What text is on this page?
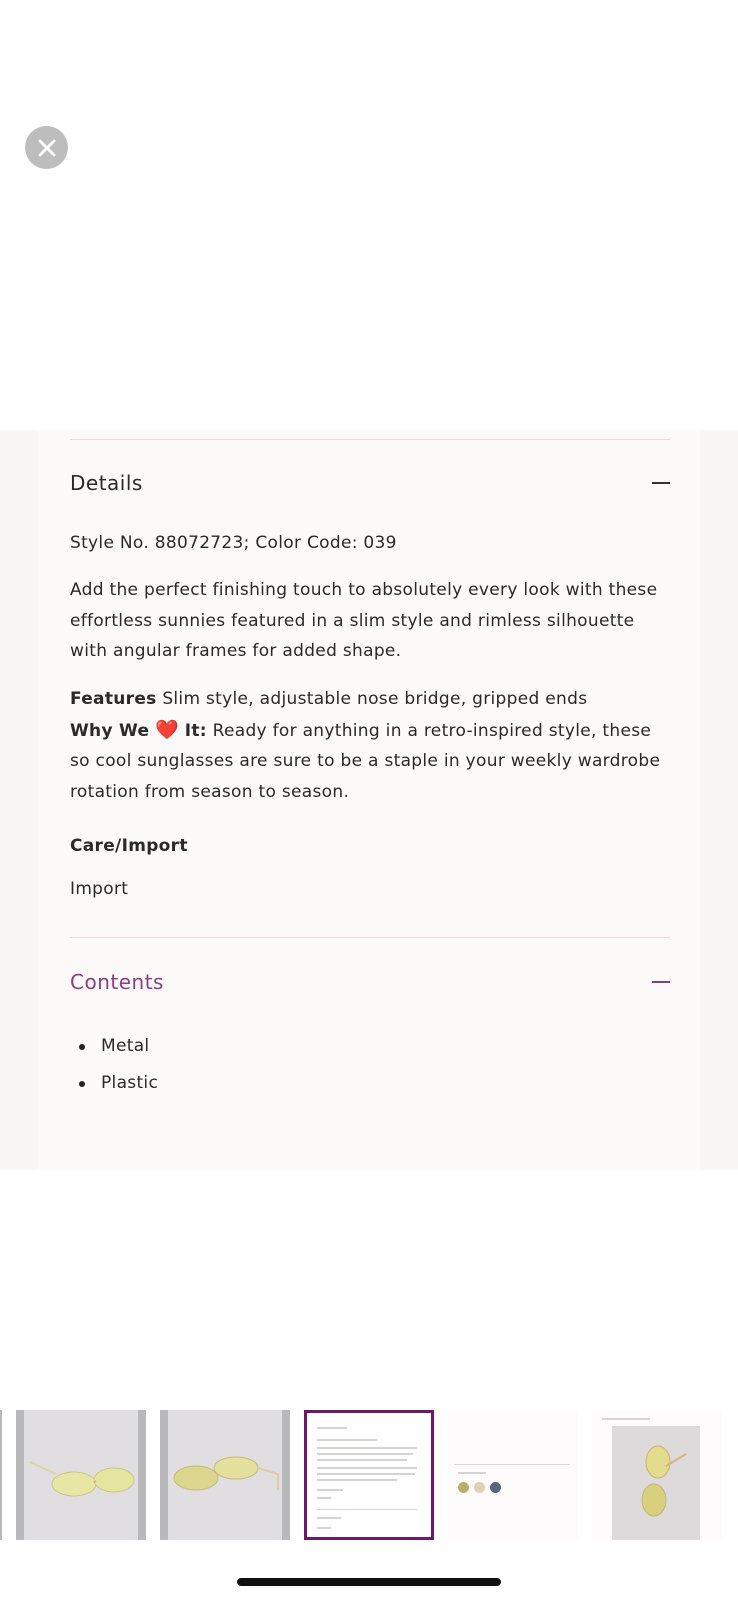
Details
Style No. 88072723; Color Code: 039
Add the perfect finishing touch to absolutely every look with these effortless sunnies featured in a slim style and rimless silhouette with angular frames for added shape.
Features Slim style, adjustable nose bridge, gripped ends
Why We ❤️ It: Ready for anything in a retro-inspired style, these so cool sunglasses are sure to be a staple in your weekly wardrobe rotation from season to season.
Care/Import
Import
Contents
Metal
Plastic
